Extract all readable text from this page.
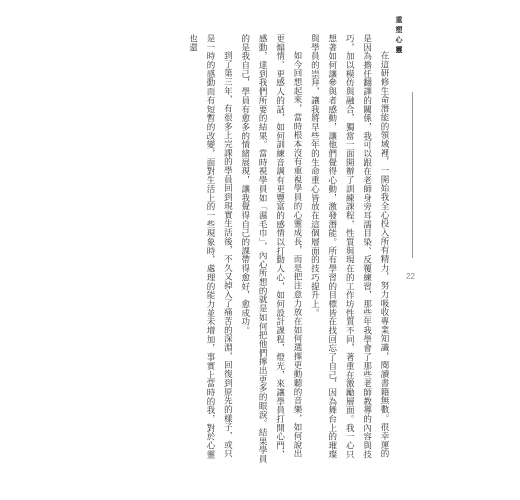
重塑心靈
22

在這研修生命潛能的領域裡，一開始我全心投入所有精力，努力吸收專業知識，閱讀書籍無數。很幸運的是因為擔任翻譯的關係，我可以跟在老師身旁耳濡目染、反覆練習，那些年我學會了那些老師教導的內容與技巧，加以模仿與融合，獨當一面開辦了訓練課程，性質與現在的工作坊性質不同，著重在激勵層面。我一心只想著如何讓參與者感動，讓他們覺得心動，激發潛能。所有學習的目標皆在找回忘了自己，因為舞台上的璀璨與學員的崇拜，讓我將早些年的生命重心皆放在這個層面的技巧提升上。

如今回想起來，當時根本沒有重視學員的心靈成長，而是把注意力放在如何選擇更動聽的音樂，如何說出更煽情、更感人的話，如何訓練音調有更豐富的感情以打動人心，如何設計課程，燈光，來讓學員打開心門，感動，達到我們所要的結果。當時視學員如「濕毛巾」，內心所想的就是如何把他們擰出更多的眼淚。結果學員的是我自己，學員有愈多的情緒展現，讓我覺得自己的課帶得愈好，愈成功。

到了第三年，有很多上完課的學員回到現實生活後，不久又掉入了痛苦的深淵，回復到原先的樣子，或只是一時的感動而有短暫的改變，面對生活上的一些現象時，處理的能力並未增加，事實上當時的我，對於心靈也還
